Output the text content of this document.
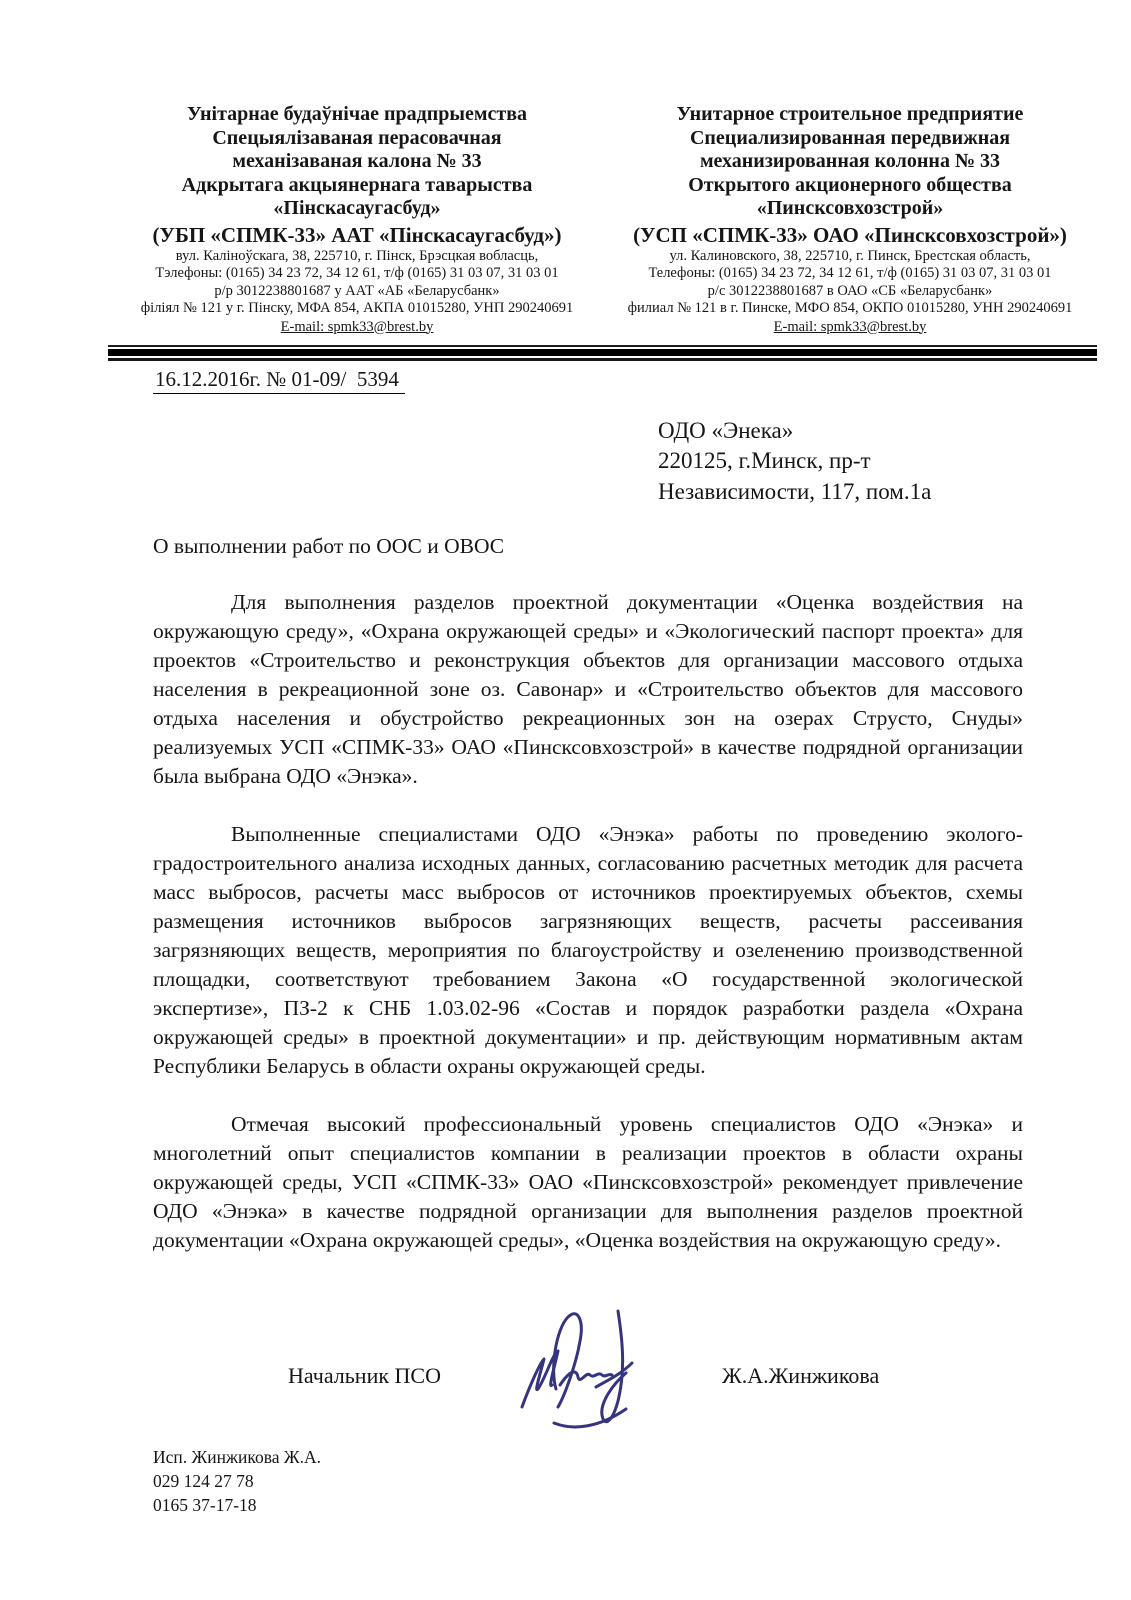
Унітарнае будаўнічае прадпрыемства
Спецыялізаваная перасовачная
механізаваная калона № 33
Адкрытага акцыянернага таварыства
«Пінскасаугасбуд»
(УБП «СПМК-33» ААТ «Пінскасаугасбуд»)
вул. Каліноўскага, 38, 225710, г. Пінск, Брэсцкая вобласць,
Тэлефоны: (0165) 34 23 72, 34 12 61, т/ф (0165) 31 03 07, 31 03 01
р/р 3012238801687 у ААТ «АБ «Беларусбанк»
філіял № 121 у г. Пінску, МФА 854, АКПА 01015280, УНП 290240691
E-mail: spmk33@brest.by
Унитарное строительное предприятие
Специализированная передвижная
механизированная колонна № 33
Открытого акционерного общества
«Пинсксовхозстрой»
(УСП «СПМК-33» ОАО «Пинсксовхозстрой»)
ул. Калиновского, 38, 225710, г. Пинск, Брестская область,
Телефоны: (0165) 34 23 72, 34 12 61, т/ф (0165) 31 03 07, 31 03 01
р/с 3012238801687 в ОАО «СБ «Беларусбанк»
филиал № 121 в г. Пинске, МФО 854, ОКПО 01015280, УНН 290240691
E-mail: spmk33@brest.by
16.12.2016г. № 01-09/  5394
ОДО «Энека»
220125, г.Минск, пр-т
Независимости, 117, пом.1а
О выполнении работ по ООС и ОВОС

Для выполнения разделов проектной документации «Оценка воздействия на окружающую среду», «Охрана окружающей среды» и «Экологический паспорт проекта» для проектов «Строительство и реконструкция объектов для организации массового отдыха населения в рекреационной зоне оз. Савонар» и «Строительство объектов для массового отдыха населения и обустройство рекреационных зон на озерах Струсто, Снуды» реализуемых УСП «СПМК-33» ОАО «Пинсксовхозстрой» в качестве подрядной организации была выбрана ОДО «Энэка».

Выполненные специалистами ОДО «Энэка» работы по проведению эколого-градостроительного анализа исходных данных, согласованию расчетных методик для расчета масс выбросов, расчеты масс выбросов от источников проектируемых объектов, схемы размещения источников выбросов загрязняющих веществ, расчеты рассеивания загрязняющих веществ, мероприятия по благоустройству и озеленению производственной площадки, соответствуют требованием Закона «О государственной экологической экспертизе», ПЗ-2 к СНБ 1.03.02-96 «Состав и порядок разработки раздела «Охрана окружающей среды» в проектной документации» и пр. действующим нормативным актам Республики Беларусь в области охраны окружающей среды.

Отмечая высокий профессиональный уровень специалистов ОДО «Энэка» и многолетний опыт специалистов компании в реализации проектов в области охраны окружающей среды, УСП «СПМК-33» ОАО «Пинсксовхозстрой» рекомендует привлечение ОДО «Энэка» в качестве подрядной организации для выполнения разделов проектной документации «Охрана окружающей среды», «Оценка воздействия на окружающую среду».

Начальник ПСО	Ж.А.Жинжикова
Исп. Жинжикова Ж.А.
029 124 27 78
0165 37-17-18
